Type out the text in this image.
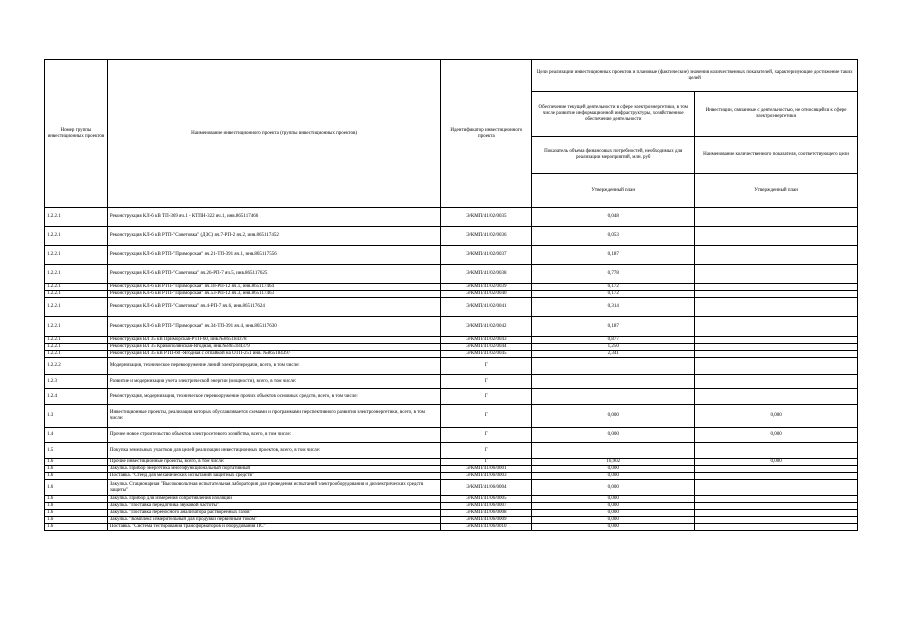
Номер группы инвестиционных проектов	Наименование инвестиционного проекта (группы инвестиционных проектов)	Идентификатор инвестиционного проекта	Цели реализации инвестиционных проектов и плановые (фактические) значения количественных показателей, характеризующие достижение таких целей	
			Обеспечение текущей деятельности в сфере электроэнергетики, в том числе развитие информационной инфраструктуры, хозяйственное обеспечение деятельности	Инвестиции, связанные с деятельностью, не относящейся к сфере электроэнергетики
			Показатель объема финансовых потребностей, необходимых для реализации мероприятий, млн. руб	Наименование количественного показателя, соответствующего цели
			Утвержденный план	Утвержденный план
1.2.2.1	Реконструкция КЛ-6 кВ ТП-369 яч.1 - КТПН-322 яч.1, инв.865117466	Э/КМП/41/02/0035	0,048	
1.2.2.1	Реконструкция КЛ-6 кВ РТП-"Советовка" (ДЗС) яч.7-РП-2 яч.2, инв.865117452	Э/КМП/41/02/0036	0,053	
1.2.2.1	Реконструкция КЛ-6 кВ РТП-"Приморская" яч.21-ТП-391 яч.1, инв.865117556	Э/КМП/41/02/0037	0,187	
1.2.2.1	Реконструкция КЛ-6 кВ РТП-"Советовка" яч.26-РП-7 яч.5, инв.865117625	Э/КМП/41/02/0038	0,778	
1.2.2.1	Реконструкция КЛ-6 кВ РТП-"Приморская" яч.18-РП-12 яч.1, инв.865117464	Э/КМП/41/02/0039	0,172	
1.2.2.1	Реконструкция КЛ-6 кВ РТП-"Приморская" яч.53-РП-12 яч.3, инв.865117463	Э/КМП/41/02/0040	0,172	
1.2.2.1	Реконструкция КЛ-6 кВ РТП-"Советовка" яч.4-РП-7 яч.6, инв.865117624	Э/КМП/41/02/0041	0,314	
1.2.2.1	Реконструкция КЛ-6 кВ РТП-"Приморская" яч.34-ТП-391 яч.4, инв.865117630	Э/КМП/41/02/0042	0,187	
1.2.2.1	Реконструкция ВЛ 35 кВ Приморская-РТП-60, инв.№865184378	Э/КМП/41/02/0043	0,877	
1.2.2.1	Реконструкция ВЛ 35 Кривополянская-Ягодная, инв.№865184379	Э/КМП/41/02/0044	1,250	
1.2.2.1	Реконструкция ВЛ 35 кВ РТП-60 -Ягодная с отпайкой на ОТП-251 инв. №865184397	Э/КМП/41/02/0045	2,341	
1.2.2.2	Модернизация, техническое перевооружение линий электропередачи, всего, в том числе:	Г		
1.2.3	Развитие и модернизация учета электрической энергии (мощности), всего, в том числе:	Г		
1.2.4	Реконструкция, модернизация, техническое перевооружение прочих объектов основных средств, всего, в том числе:	Г		
1.3	Инвестиционные проекты, реализация которых обуславливается схемами и программами перспективного развития электроэнергетики, всего, в том числе:	Г	0,000	0,000
1.4	Прочее новое строительство объектов электросетевого хозяйства, всего, в том числе:	Г	0,000	0,000
1.5	Покупка земельных участков для целей реализации инвестиционных проектов, всего, в том числе:	Г		
1.6	Прочие инвестиционные проекты, всего, в том числе:	Г	16,902	0,000
1.6	Закупка. Прибор энергетика многофункциональный портативный	Э/КМП/41/06/0001	0,000	
1.6	Поставка. "Стенд для механических испытаний защитных средств"	Э/КМП/41/06/0003	0,000	
1.6	Закупка. Стационарная "Высоковольтная испытательная лаборатория для проведения испытаний электрооборудования и диэлектрических средств защиты"	Э/КМП/41/06/0004	0,000	
1.6	Закупка. Прибор для измерения сопротивления изоляции	Э/КМП/41/06/0005	0,000	
1.6	Закупка. "Поставка передатчика звуковой частоты"	Э/КМП/41/06/0007	0,000	
1.6	Закупка. "Поставка переносного анализатора растворенных газов"	Э/КМП/41/06/0008	0,000	
1.6	Закупка. "Комплекс измерительный для продувки первичным током"	Э/КМП/41/06/0009	0,000	
1.6	Поставка. "Система тестирования трансформаторов и оборудования ПС"	Э/КМП/41/06/0010	0,000	
